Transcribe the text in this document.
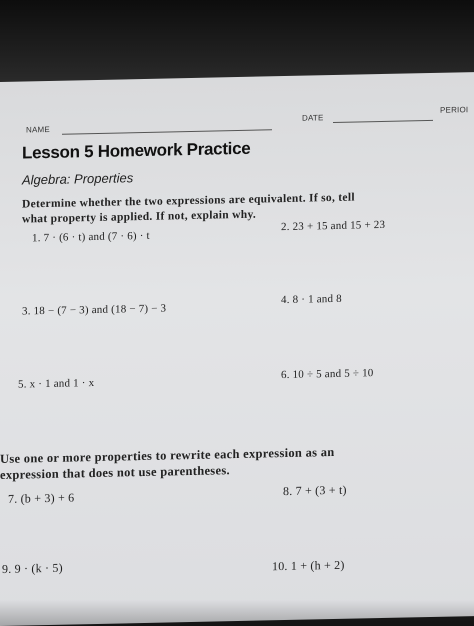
NAME
DATE
PERIOI
Lesson 5 Homework Practice
Algebra: Properties
Determine whether the two expressions are equivalent. If so, tell
what property is applied. If not, explain why.
1. 7 · (6 · t) and (7 · 6) · t
2. 23 + 15 and 15 + 23
3. 18 − (7 − 3) and (18 − 7) − 3
4. 8 · 1 and 8
5. x · 1 and 1 · x
6. 10 ÷ 5 and 5 ÷ 10
Use one or more properties to rewrite each expression as an
expression that does not use parentheses.
7. (b + 3) + 6	8. 7 + (3 + t)
9. 9 · (k · 5)	10. 1 + (h + 2)
